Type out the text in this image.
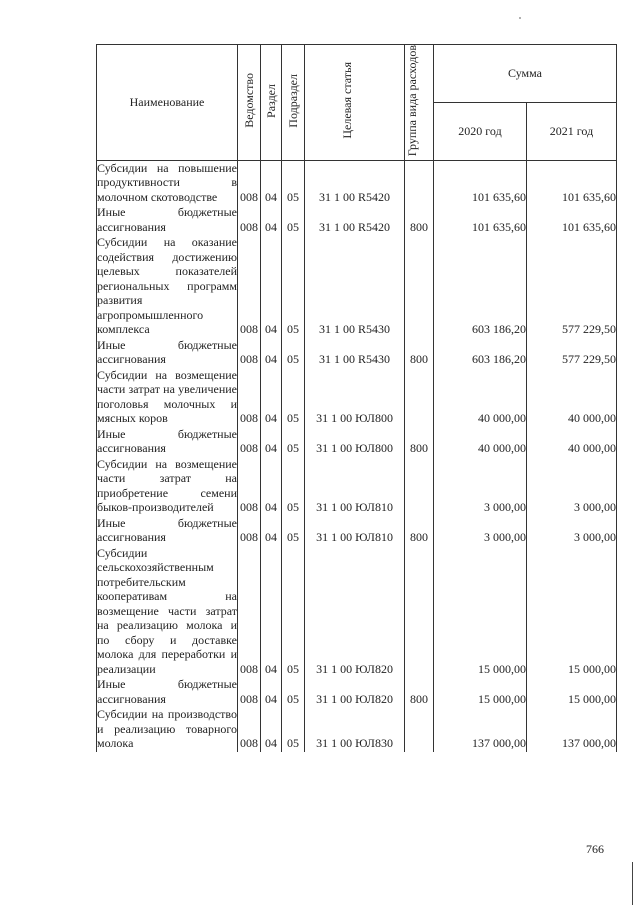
Наименование	Ведомство	Раздел	Подраздел	Целевая статья	Группа вида расходов	Сумма	
						2020 год	2021 год

Субсидии на повышение продуктивности в молочном скотоводстве	008	04	05	31 1 00 R5420		101 635,60	101 635,60

Иные бюджетные ассигнования	008	04	05	31 1 00 R5420	800	101 635,60	101 635,60

Субсидии на оказание содействия достижению целевых показателей региональных программ развития агропромышленного комплекса	008	04	05	31 1 00 R5430		603 186,20	577 229,50

Иные бюджетные ассигнования	008	04	05	31 1 00 R5430	800	603 186,20	577 229,50

Субсидии на возмещение части затрат на увеличение поголовья молочных и мясных коров	008	04	05	31 1 00 ЮЛ800		40 000,00	40 000,00

Иные бюджетные ассигнования	008	04	05	31 1 00 ЮЛ800	800	40 000,00	40 000,00

Субсидии на возмещение части затрат на приобретение семени быков-производителей	008	04	05	31 1 00 ЮЛ810		3 000,00	3 000,00

Иные бюджетные ассигнования	008	04	05	31 1 00 ЮЛ810	800	3 000,00	3 000,00

Субсидии сельскохозяйственным потребительским кооперативам на возмещение части затрат на реализацию молока и по сбору и доставке молока для переработки и реализации	008	04	05	31 1 00 ЮЛ820		15 000,00	15 000,00

Иные бюджетные ассигнования	008	04	05	31 1 00 ЮЛ820	800	15 000,00	15 000,00

Субсидии на производство и реализацию товарного молока	008	04	05	31 1 00 ЮЛ830		137 000,00	137 000,00
766
